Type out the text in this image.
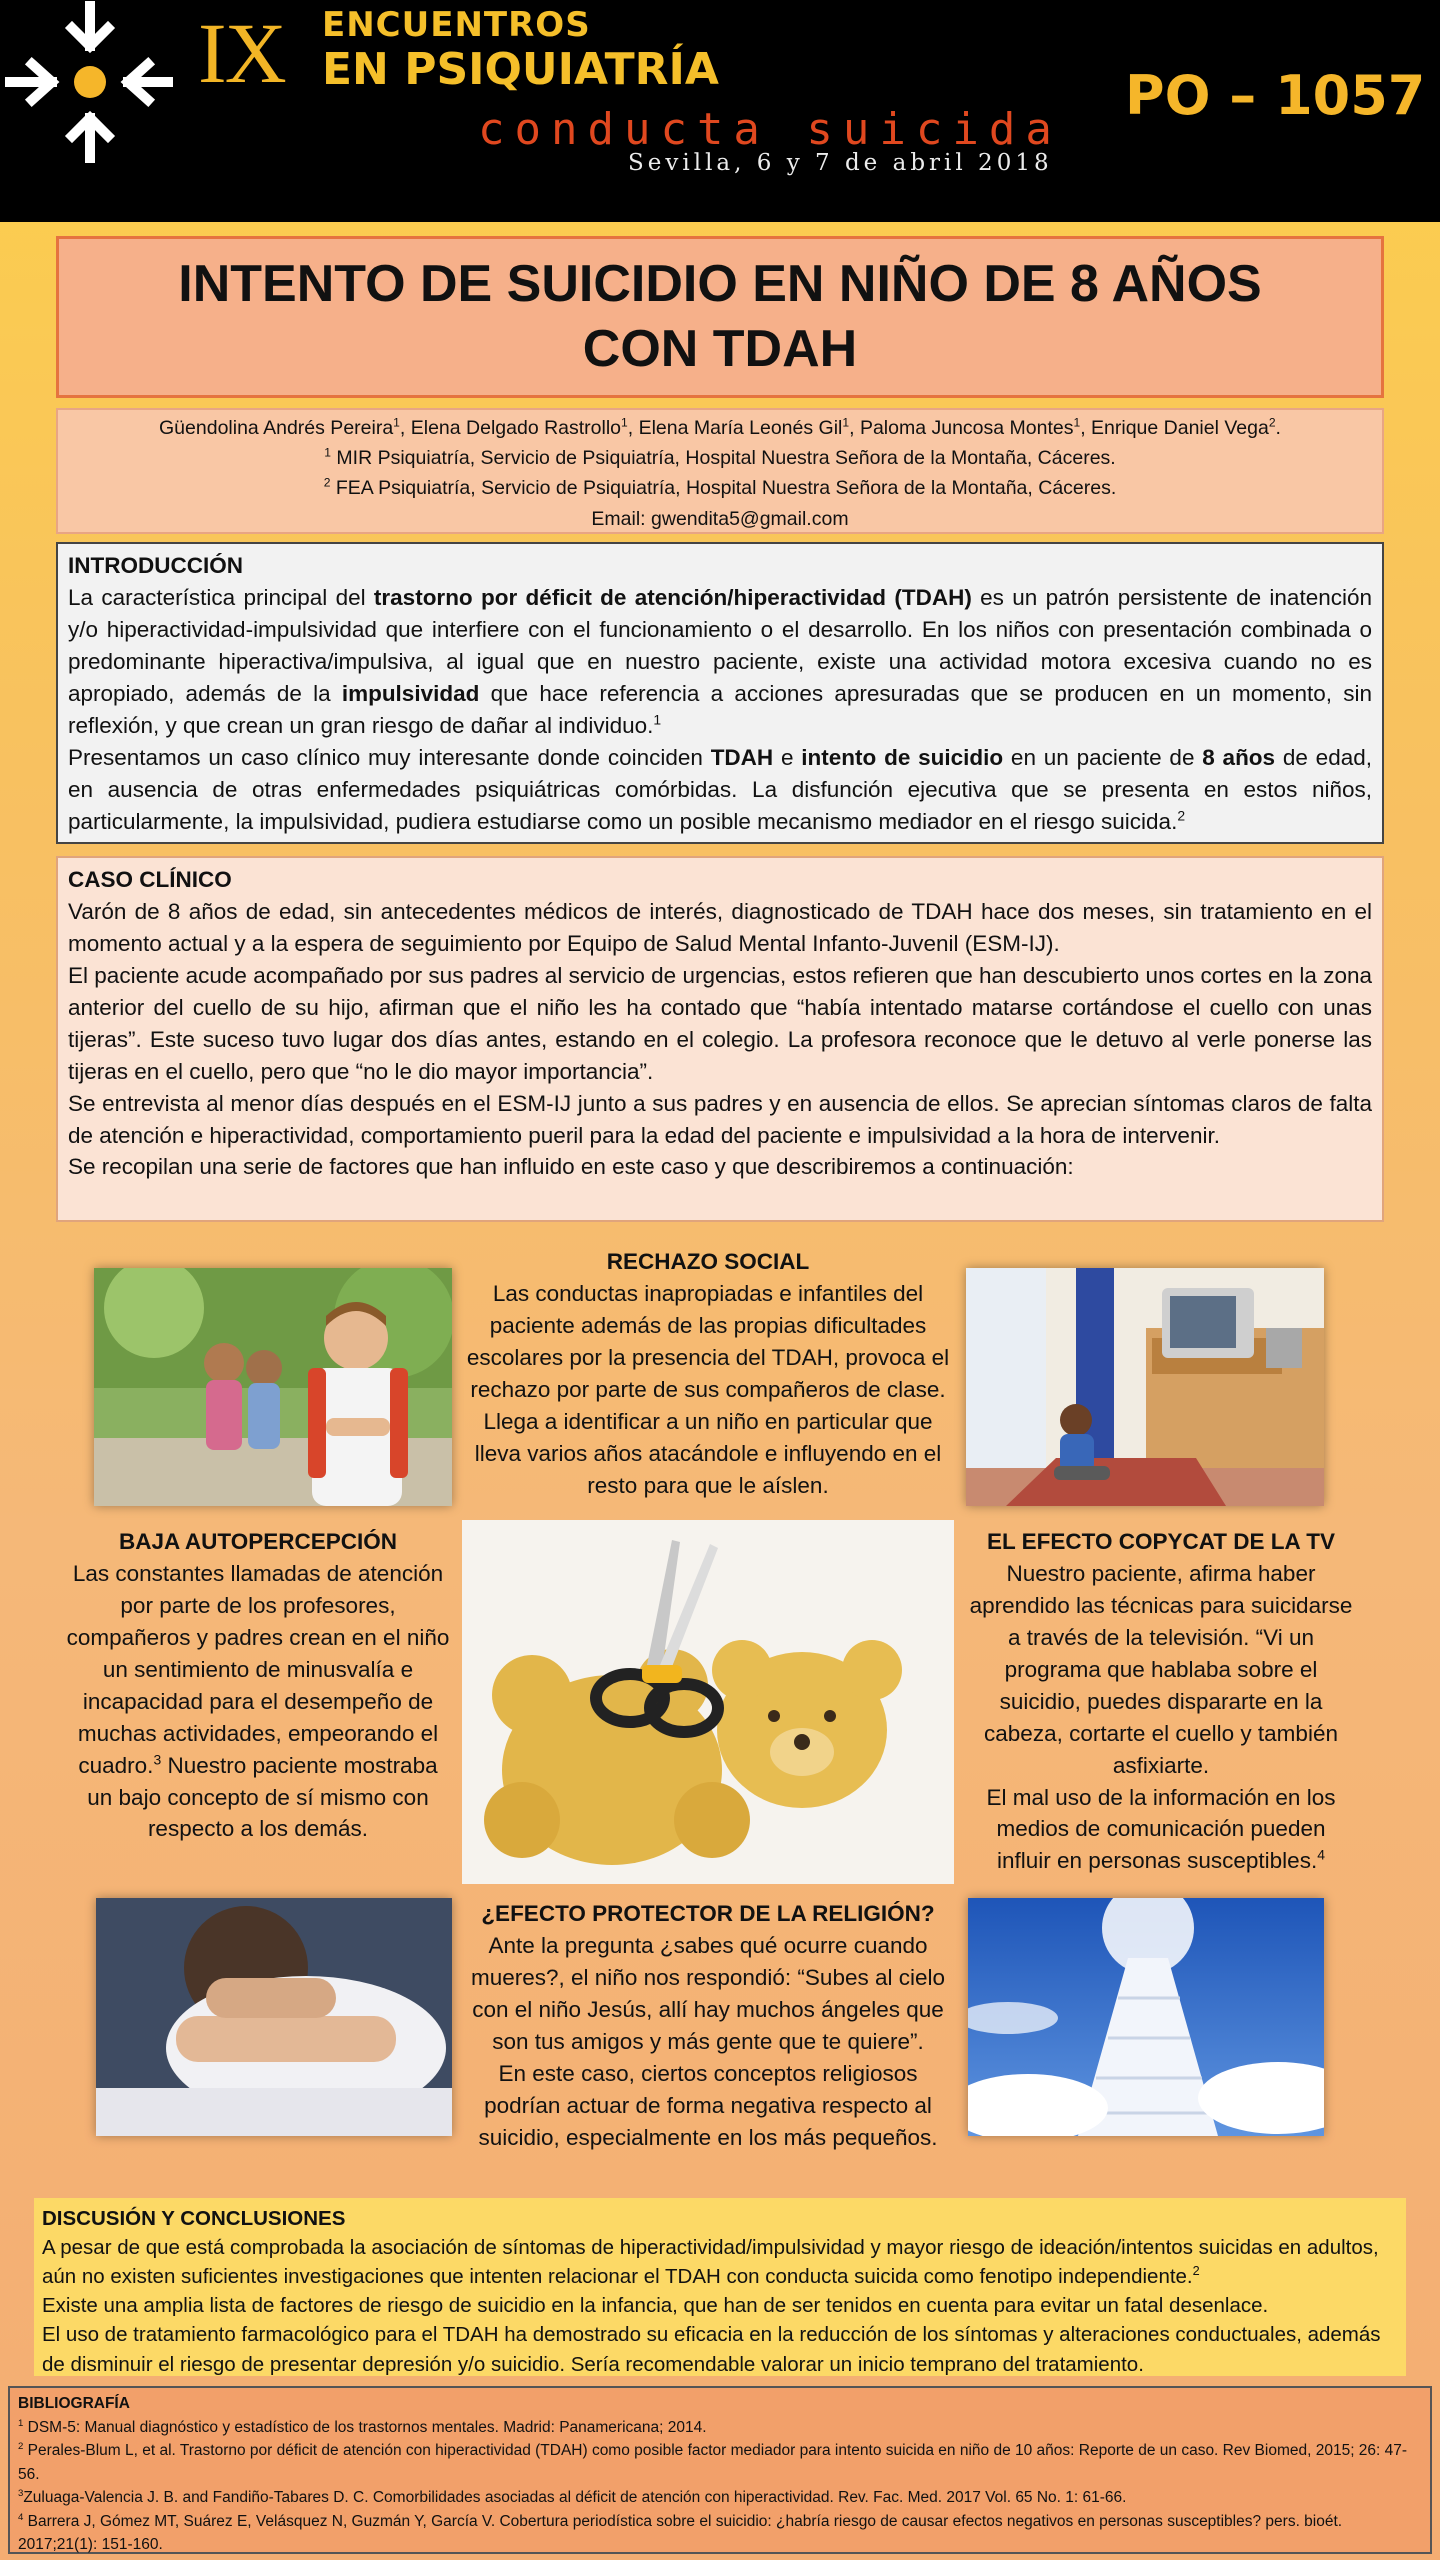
IX ENCUENTROS
EN PSIQUIATRÍA
conducta suicida
Sevilla, 6 y 7 de abril 2018
PO – 1057
INTENTO DE SUICIDIO EN NIÑO DE 8 AÑOS CON TDAH
Güendolina Andrés Pereira$^1$, Elena Delgado Rastrollo$^1$, Elena María Leonés Gil$^1$, Paloma Juncosa Montes$^1$, Enrique Daniel Vega$^2$.
$^1$ MIR Psiquiatría, Servicio de Psiquiatría, Hospital Nuestra Señora de la Montaña, Cáceres.
$^2$ FEA Psiquiatría, Servicio de Psiquiatría, Hospital Nuestra Señora de la Montaña, Cáceres.
Email: gwendita5@gmail.com
INTRODUCCIÓN
La característica principal del trastorno por déficit de atención/hiperactividad (TDAH) es un patrón persistente de inatención y/o hiperactividad-impulsividad que interfiere con el funcionamiento o el desarrollo. En los niños con presentación combinada o predominante hiperactiva/impulsiva, al igual que en nuestro paciente, existe una actividad motora excesiva cuando no es apropiado, además de la impulsividad que hace referencia a acciones apresuradas que se producen en un momento, sin reflexión, y que crean un gran riesgo de dañar al individuo.$^1$
Presentamos un caso clínico muy interesante donde coinciden TDAH e intento de suicidio en un paciente de 8 años de edad, en ausencia de otras enfermedades psiquiátricas comórbidas. La disfunción ejecutiva que se presenta en estos niños, particularmente, la impulsividad, pudiera estudiarse como un posible mecanismo mediador en el riesgo suicida.$^2$
CASO CLÍNICO
Varón de 8 años de edad, sin antecedentes médicos de interés, diagnosticado de TDAH hace dos meses, sin tratamiento en el momento actual y a la espera de seguimiento por Equipo de Salud Mental Infanto-Juvenil (ESM-IJ).
El paciente acude acompañado por sus padres al servicio de urgencias, estos refieren que han descubierto unos cortes en la zona anterior del cuello de su hijo, afirman que el niño les ha contado que “había intentado matarse cortándose el cuello con unas tijeras”. Este suceso tuvo lugar dos días antes, estando en el colegio. La profesora reconoce que le detuvo al verle ponerse las tijeras en el cuello, pero que “no le dio mayor importancia”.
Se entrevista al menor días después en el ESM-IJ junto a sus padres y en ausencia de ellos. Se aprecian síntomas claros de falta de atención e hiperactividad, comportamiento pueril para la edad del paciente e impulsividad a la hora de intervenir.
Se recopilan una serie de factores que han influido en este caso y que describiremos a continuación:
RECHAZO SOCIAL
Las conductas inapropiadas e infantiles del paciente además de las propias dificultades escolares por la presencia del TDAH, provoca el rechazo por parte de sus compañeros de clase. Llega a identificar a un niño en particular que lleva varios años atacándole e influyendo en el resto para que le aíslen.
BAJA AUTOPERCEPCIÓN
Las constantes llamadas de atención por parte de los profesores, compañeros y padres crean en el niño un sentimiento de minusvalía e incapacidad para el desempeño de muchas actividades, empeorando el cuadro.$^3$ Nuestro paciente mostraba un bajo concepto de sí mismo con respecto a los demás.
EL EFECTO COPYCAT DE LA TV
Nuestro paciente, afirma haber aprendido las técnicas para suicidarse a través de la televisión. “Vi un programa que hablaba sobre el suicidio, puedes dispararte en la cabeza, cortarte el cuello y también asfixiarte.
El mal uso de la información en los medios de comunicación pueden influir en personas susceptibles.$^4$
¿EFECTO PROTECTOR DE LA RELIGIÓN?
Ante la pregunta ¿sabes qué ocurre cuando mueres?, el niño nos respondió: “Subes al cielo con el niño Jesús, allí hay muchos ángeles que son tus amigos y más gente que te quiere”.
En este caso, ciertos conceptos religiosos podrían actuar de forma negativa respecto al suicidio, especialmente en los más pequeños.
DISCUSIÓN Y CONCLUSIONES
A pesar de que está comprobada la asociación de síntomas de hiperactividad/impulsividad y mayor riesgo de ideación/intentos suicidas en adultos, aún no existen suficientes investigaciones que intenten relacionar el TDAH con conducta suicida como fenotipo independiente.$^2$
Existe una amplia lista de factores de riesgo de suicidio en la infancia, que han de ser tenidos en cuenta para evitar un fatal desenlace.
El uso de tratamiento farmacológico para el TDAH ha demostrado su eficacia en la reducción de los síntomas y alteraciones conductuales, además de disminuir el riesgo de presentar depresión y/o suicidio. Sería recomendable valorar un inicio temprano del tratamiento.
BIBLIOGRAFÍA
$^1$ DSM-5: Manual diagnóstico y estadístico de los trastornos mentales. Madrid: Panamericana; 2014.
$^2$ Perales-Blum L, et al. Trastorno por déficit de atención con hiperactividad (TDAH) como posible factor mediador para intento suicida en niño de 10 años: Reporte de un caso. Rev Biomed, 2015; 26: 47-56.
$^3$Zuluaga-Valencia J. B. and Fandiño-Tabares D. C. Comorbilidades asociadas al déficit de atención con hiperactividad. Rev. Fac. Med. 2017 Vol. 65 No. 1: 61-66.
$^4$ Barrera J, Gómez MT, Suárez E, Velásquez N, Guzmán Y, García V. Cobertura periodística sobre el suicidio: ¿habría riesgo de causar efectos negativos en personas susceptibles? pers. bioét. 2017;21(1): 151-160.
